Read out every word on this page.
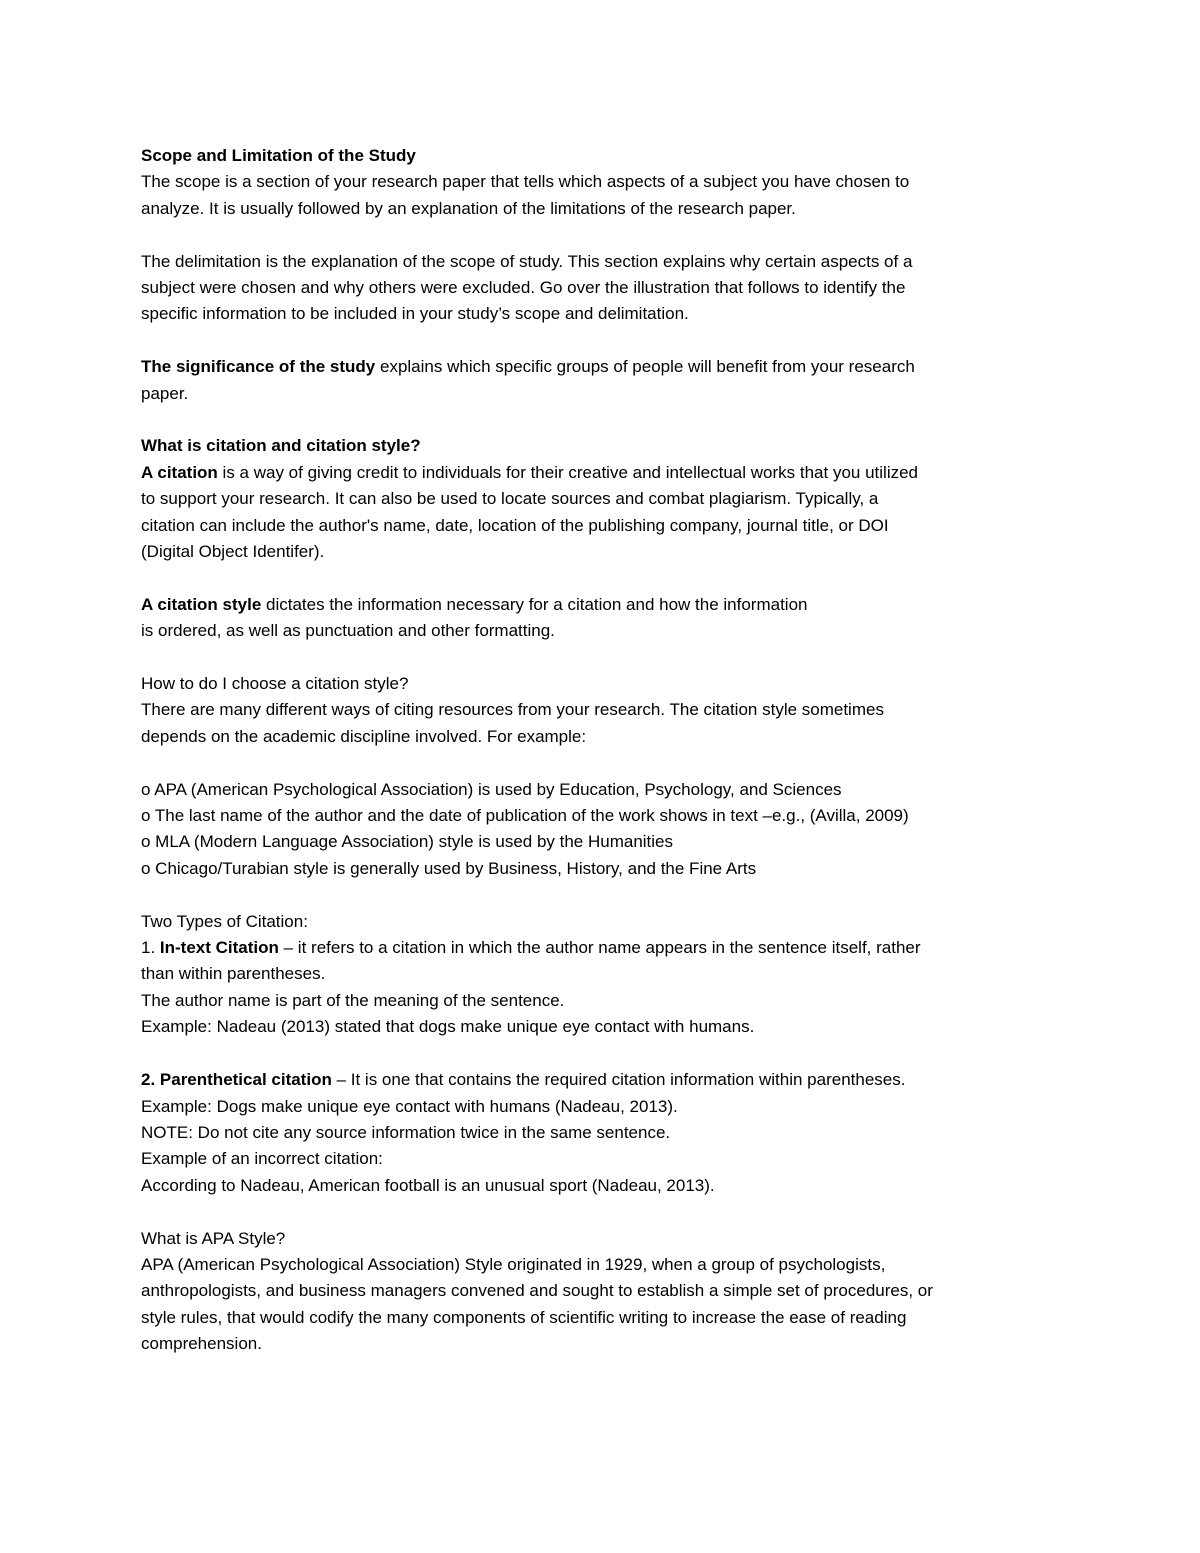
Scope and Limitation of the Study

The scope is a section of your research paper that tells which aspects of a subject you have chosen to

analyze. It is usually followed by an explanation of the limitations of the research paper.

The delimitation is the explanation of the scope of study. This section explains why certain aspects of a

subject were chosen and why others were excluded. Go over the illustration that follows to identify the

specific information to be included in your study’s scope and delimitation.

The significance of the study explains which specific groups of people will benefit from your research

paper.

What is citation and citation style?

A citation is a way of giving credit to individuals for their creative and intellectual works that you utilized

to support your research. It can also be used to locate sources and combat plagiarism. Typically, a

citation can include the author's name, date, location of the publishing company, journal title, or DOI

(Digital Object Identifer).

A citation style dictates the information necessary for a citation and how the information

is ordered, as well as punctuation and other formatting.

How to do I choose a citation style?

There are many different ways of citing resources from your research. The citation style sometimes

depends on the academic discipline involved. For example:

o APA (American Psychological Association) is used by Education, Psychology, and Sciences

o The last name of the author and the date of publication of the work shows in text –e.g., (Avilla, 2009)

o MLA (Modern Language Association) style is used by the Humanities

o Chicago/Turabian style is generally used by Business, History, and the Fine Arts

Two Types of Citation:

1. In-text Citation – it refers to a citation in which the author name appears in the sentence itself, rather

than within parentheses.

The author name is part of the meaning of the sentence.

Example: Nadeau (2013) stated that dogs make unique eye contact with humans.

2. Parenthetical citation – It is one that contains the required citation information within parentheses.

Example: Dogs make unique eye contact with humans (Nadeau, 2013).

NOTE: Do not cite any source information twice in the same sentence.

Example of an incorrect citation:

According to Nadeau, American football is an unusual sport (Nadeau, 2013).

What is APA Style?

APA (American Psychological Association) Style originated in 1929, when a group of psychologists,

anthropologists, and business managers convened and sought to establish a simple set of procedures, or

style rules, that would codify the many components of scientific writing to increase the ease of reading

comprehension.
